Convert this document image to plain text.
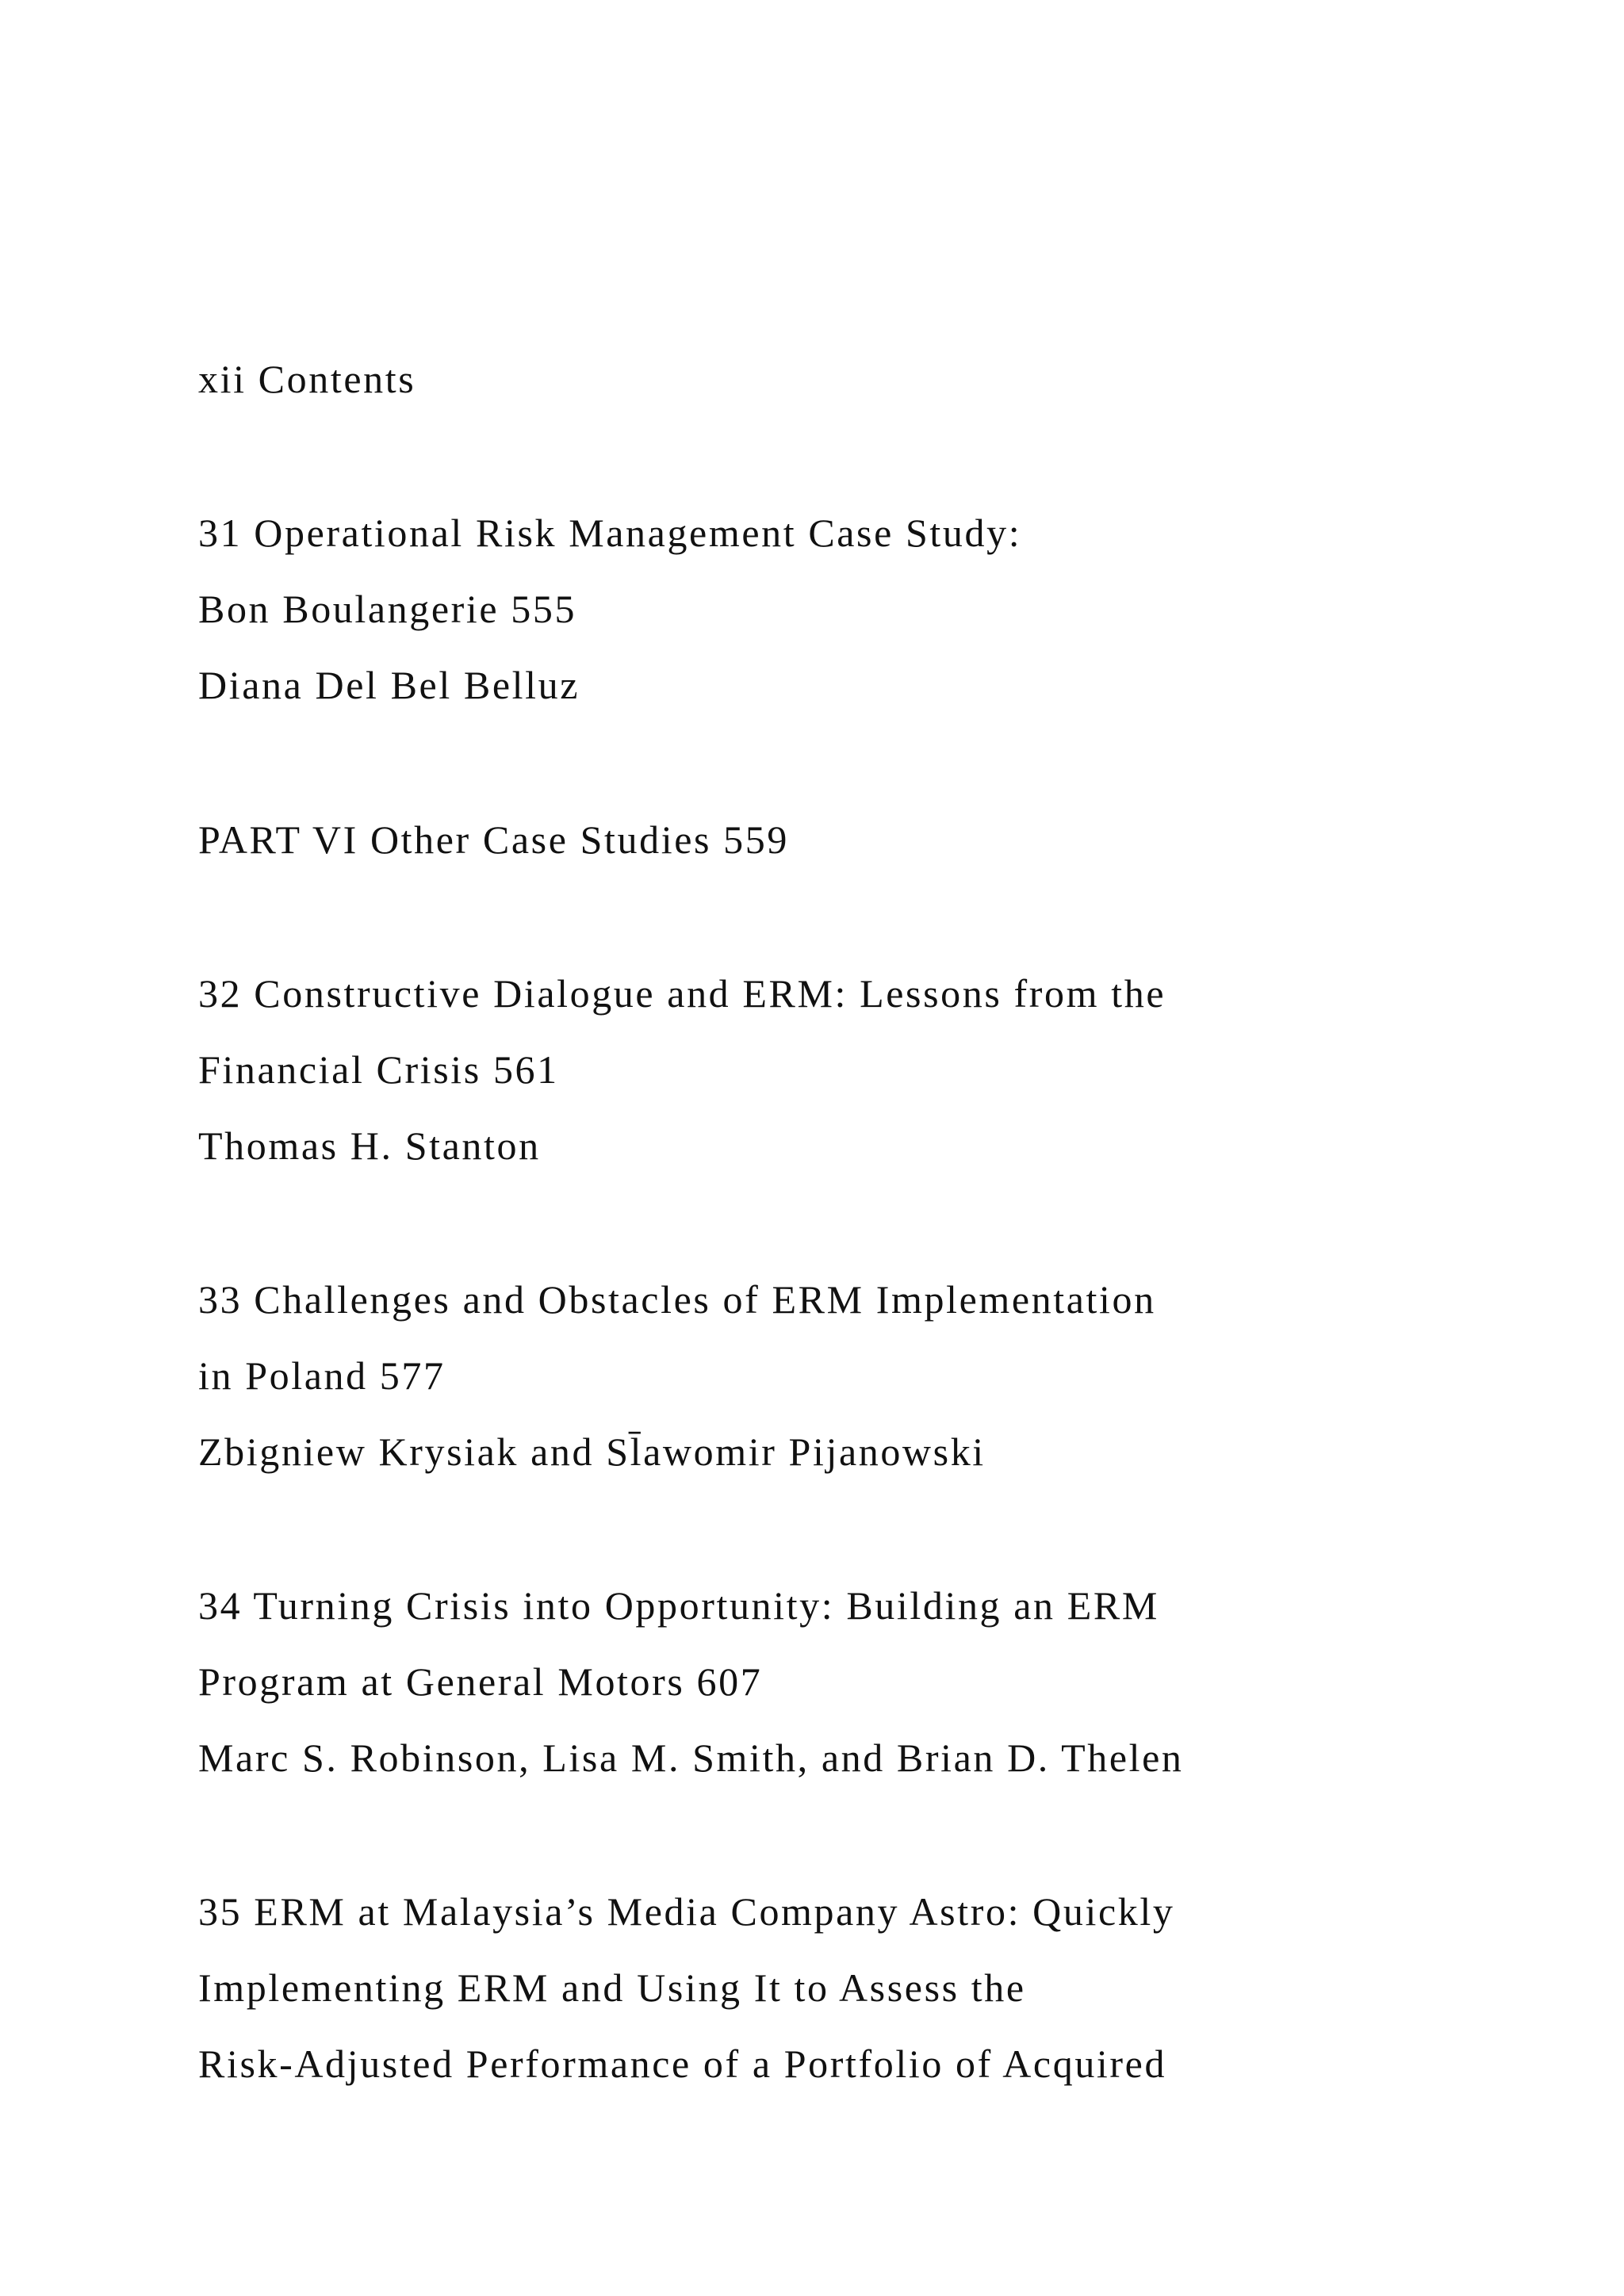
xii Contents

31 Operational Risk Management Case Study:

Bon Boulangerie 555

Diana Del Bel Belluz

PART VI Other Case Studies 559

32 Constructive Dialogue and ERM: Lessons from the

Financial Crisis 561

Thomas H. Stanton

33 Challenges and Obstacles of ERM Implementation

in Poland 577

Zbigniew Krysiak and Sl̄awomir Pijanowski

34 Turning Crisis into Opportunity: Building an ERM

Program at General Motors 607

Marc S. Robinson, Lisa M. Smith, and Brian D. Thelen

35 ERM at Malaysia’s Media Company Astro: Quickly

Implementing ERM and Using It to Assess the

Risk-Adjusted Performance of a Portfolio of Acquired
